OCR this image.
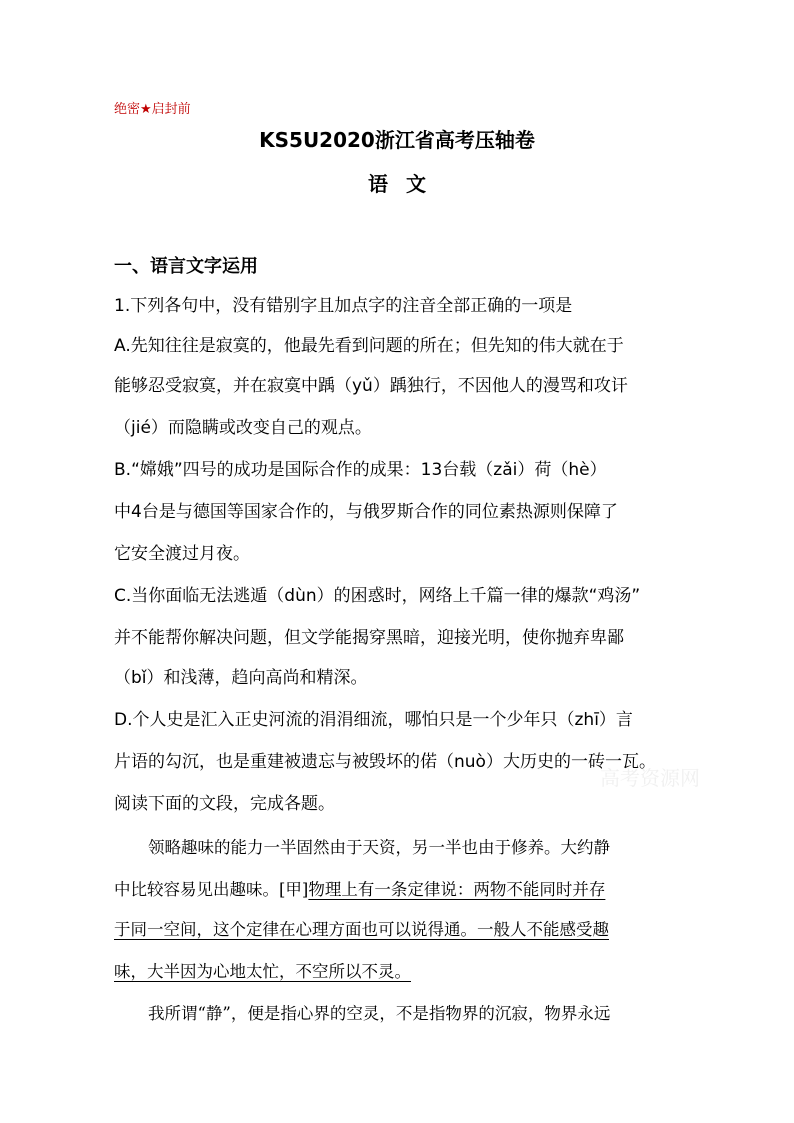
绝密★启封前
KS5U2020浙江省高考压轴卷
语文
一、语言文字运用
1.下列各句中，没有错别字且加点字的注音全部正确的一项是
A.先知往往是寂寞的，他最先看到问题的所在；但先知的伟大就在于
能够忍受寂寞，并在寂寞中踽（yǔ）踽独行，不因他人的漫骂和攻讦
（jié）而隐瞒或改变自己的观点。
B.“嫦娥”四号的成功是国际合作的成果：13台载（zǎi）荷（hè）
中4台是与德国等国家合作的，与俄罗斯合作的同位素热源则保障了
它安全渡过月夜。
C.当你面临无法逃遁（dùn）的困惑时，网络上千篇一律的爆款“鸡汤”
并不能帮你解决问题，但文学能揭穿黑暗，迎接光明，使你抛弃卑鄙
（bǐ）和浅薄，趋向高尚和精深。
D.个人史是汇入正史河流的涓涓细流，哪怕只是一个少年只（zhī）言
片语的勾沉，也是重建被遗忘与被毁坏的偌（nuò）大历史的一砖一瓦。
阅读下面的文段，完成各题。
高考资源网
领略趣味的能力一半固然由于天资，另一半也由于修养。大约静
中比较容易见出趣味。[甲]物理上有一条定律说：两物不能同时并存
于同一空间，这个定律在心理方面也可以说得通。一般人不能感受趣
味，大半因为心地太忙，不空所以不灵。
我所谓“静”，便是指心界的空灵，不是指物界的沉寂，物界永远
